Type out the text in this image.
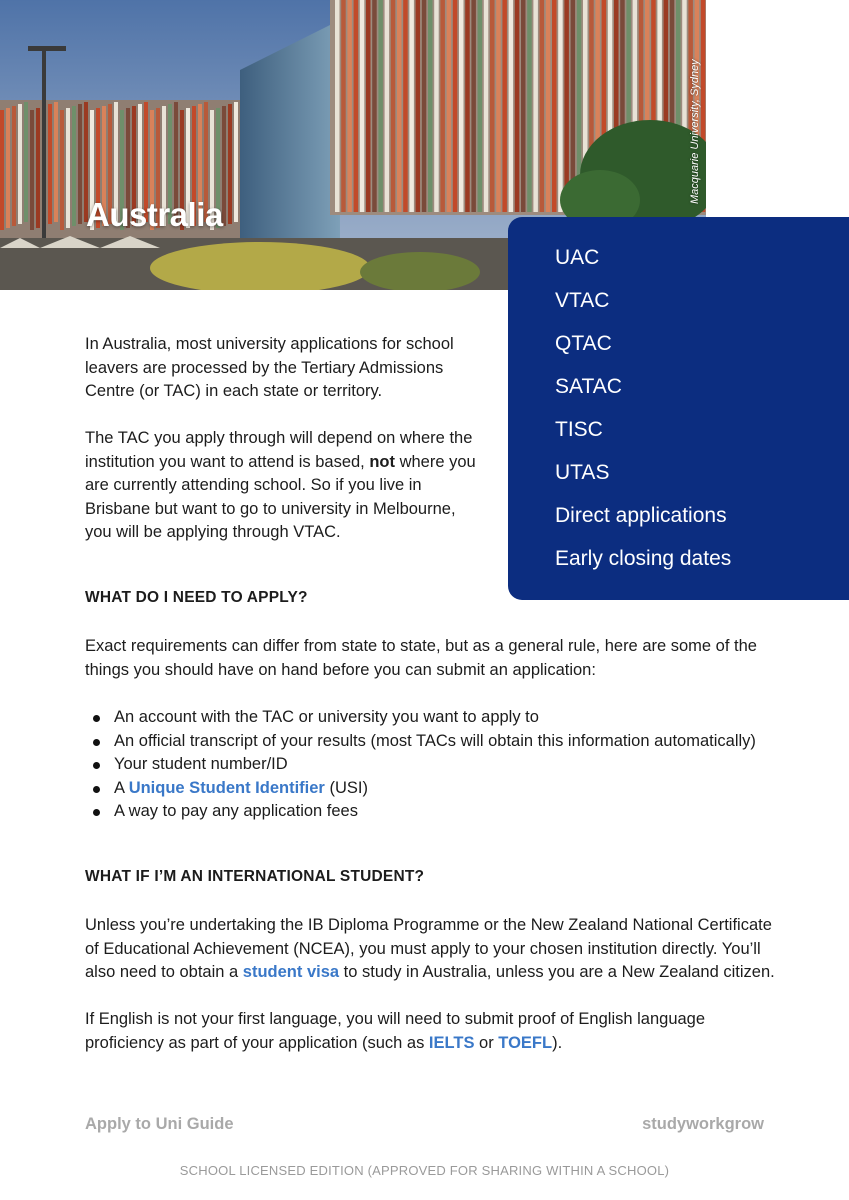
Australia
Macquarie University, Sydney
UAC
VTAC
QTAC
SATAC
TISC
UTAS
Direct applications
Early closing dates

In Australia, most university applications for school leavers are processed by the Tertiary Admissions Centre (or TAC) in each state or territory.

The TAC you apply through will depend on where the institution you want to attend is based, not where you are currently attending school. So if you live in Brisbane but want to go to university in Melbourne, you will be applying through VTAC.

WHAT DO I NEED TO APPLY?

Exact requirements can differ from state to state, but as a general rule, here are some of the things you should have on hand before you can submit an application:

An account with the TAC or university you want to apply to
An official transcript of your results (most TACs will obtain this information automatically)
Your student number/ID
A Unique Student Identifier (USI)
A way to pay any application fees
WHAT IF I’M AN INTERNATIONAL STUDENT?

Unless you’re undertaking the IB Diploma Programme or the New Zealand National Certificate of Educational Achievement (NCEA), you must apply to your chosen institution directly. You’ll also need to obtain a student visa to study in Australia, unless you are a New Zealand citizen.

If English is not your first language, you will need to submit proof of English language proficiency as part of your application (such as IELTS or TOEFL).

Apply to Uni Guide	studyworkgrow
SCHOOL LICENSED EDITION (APPROVED FOR SHARING WITHIN A SCHOOL)
